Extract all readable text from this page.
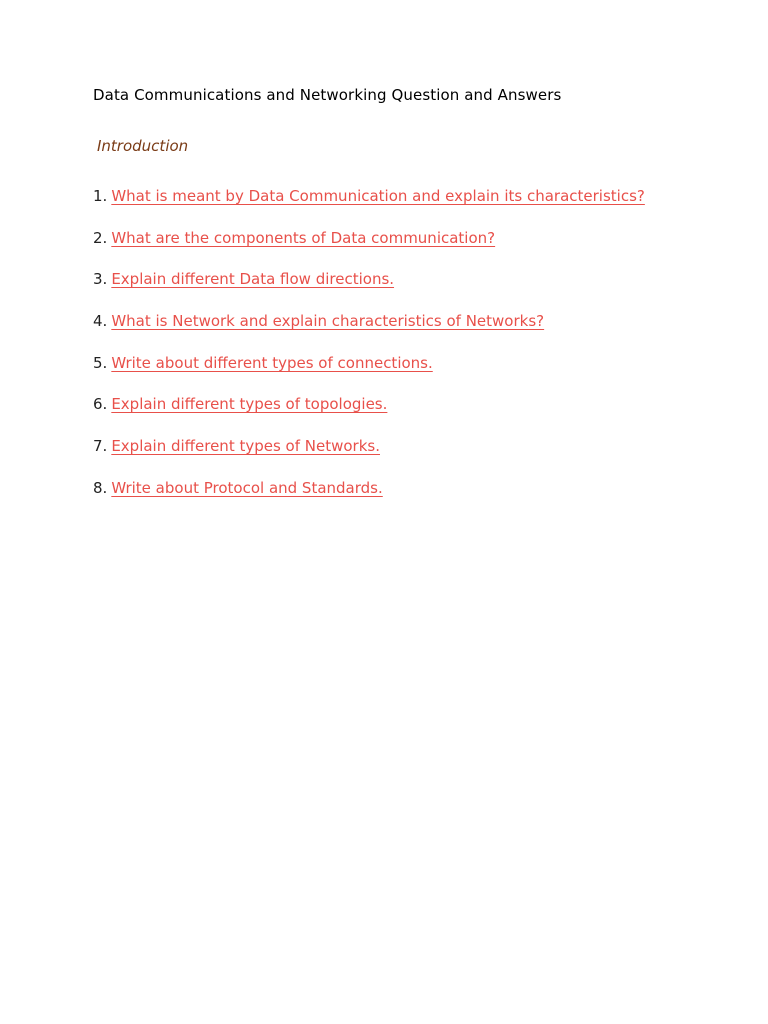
Data Communications and Networking Question and Answers
Introduction
1. What is meant by Data Communication and explain its characteristics?
2. What are the components of Data communication?
3. Explain different Data flow directions.
4. What is Network and explain characteristics of Networks?
5. Write about different types of connections.
6. Explain different types of topologies.
7. Explain different types of Networks.
8. Write about Protocol and Standards.
